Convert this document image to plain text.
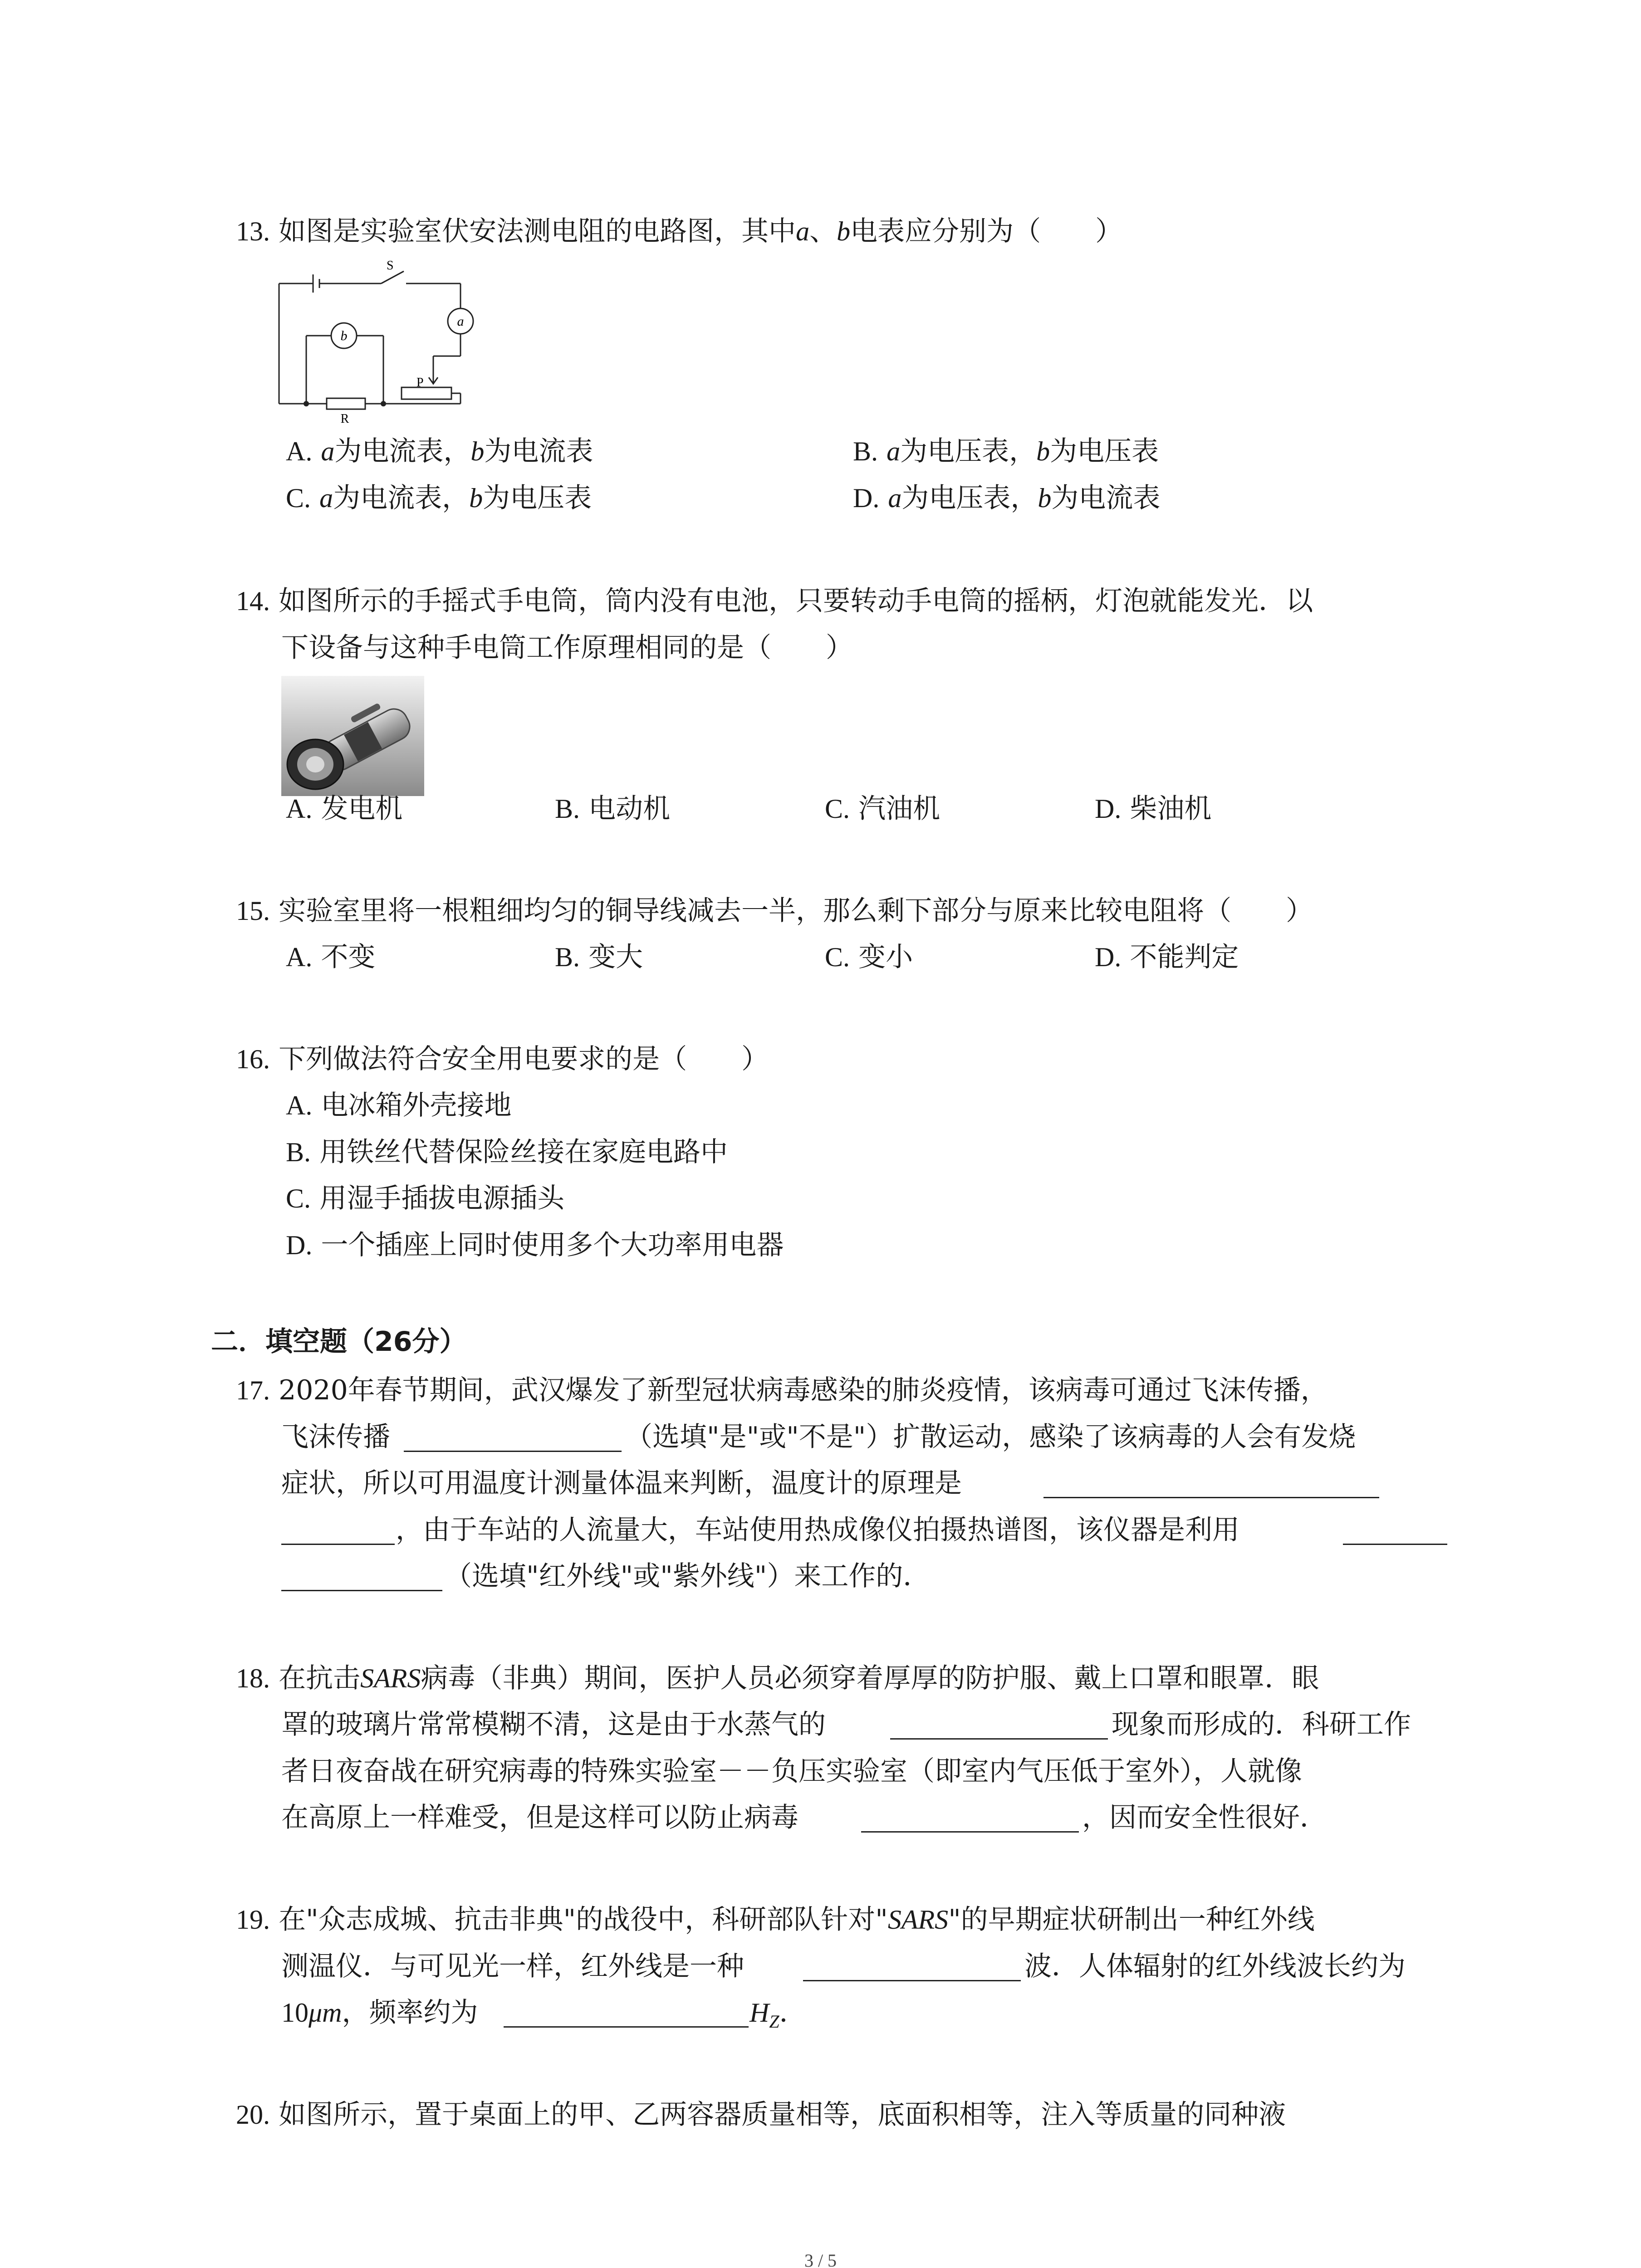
13. 如图是实验室伏安法测电阻的电路图，其中a、b电表应分别为（　　）
S
a
b
R
P
A. a为电流表，b为电流表	B. a为电压表，b为电压表
C. a为电流表，b为电压表	D. a为电压表，b为电流表
14. 如图所示的手摇式手电筒，筒内没有电池，只要转动手电筒的摇柄，灯泡就能发光．以
下设备与这种手电筒工作原理相同的是（　　）
A. 发电机	B. 电动机	C. 汽油机	D. 柴油机
15. 实验室里将一根粗细均匀的铜导线减去一半，那么剩下部分与原来比较电阻将（　　）
A. 不变	B. 变大	C. 变小	D. 不能判定
16. 下列做法符合安全用电要求的是（　　）
A. 电冰箱外壳接地
B. 用铁丝代替保险丝接在家庭电路中
C. 用湿手插拔电源插头
D. 一个插座上同时使用多个大功率用电器
二．填空题（26分）
17. 2020年春节期间，武汉爆发了新型冠状病毒感染的肺炎疫情，该病毒可通过飞沫传播，
飞沫传播	（选填"是"或"不是"）扩散运动，感染了该病毒的人会有发烧
症状，所以可用温度计测量体温来判断，温度计的原理是
，由于车站的人流量大，车站使用热成像仪拍摄热谱图，该仪器是利用
（选填"红外线"或"紫外线"）来工作的．
18. 在抗击SARS病毒（非典）期间，医护人员必须穿着厚厚的防护服、戴上口罩和眼罩．眼
罩的玻璃片常常模糊不清，这是由于水蒸气的	现象而形成的．科研工作
者日夜奋战在研究病毒的特殊实验室－－负压实验室（即室内气压低于室外），人就像
在高原上一样难受，但是这样可以防止病毒	，因而安全性很好．
19. 在"众志成城、抗击非典"的战役中，科研部队针对"SARS"的早期症状研制出一种红外线
测温仪．与可见光一样，红外线是一种	波．人体辐射的红外线波长约为
10μm，频率约为	$H_Z$．
20. 如图所示，置于桌面上的甲、乙两容器质量相等，底面积相等，注入等质量的同种液
3 / 5
